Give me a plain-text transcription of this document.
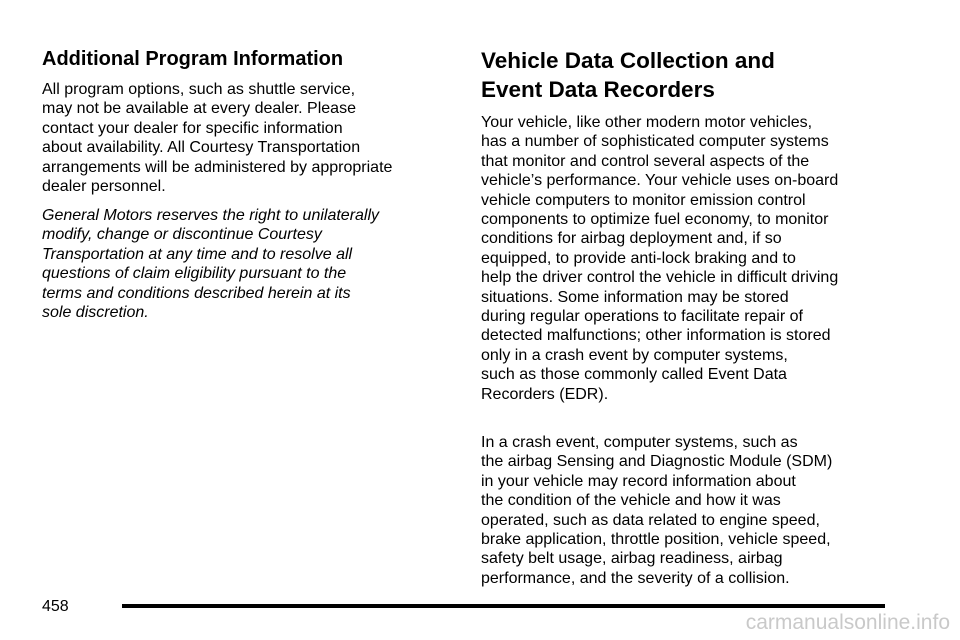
Additional Program Information

All program options, such as shuttle service,
may not be available at every dealer. Please
contact your dealer for specific information
about availability. All Courtesy Transportation
arrangements will be administered by appropriate
dealer personnel.

General Motors reserves the right to unilaterally
modify, change or discontinue Courtesy
Transportation at any time and to resolve all
questions of claim eligibility pursuant to the
terms and conditions described herein at its
sole discretion.

Vehicle Data Collection and
Event Data Recorders

Your vehicle, like other modern motor vehicles,
has a number of sophisticated computer systems
that monitor and control several aspects of the
vehicle’s performance. Your vehicle uses on-board
vehicle computers to monitor emission control
components to optimize fuel economy, to monitor
conditions for airbag deployment and, if so
equipped, to provide anti-lock braking and to
help the driver control the vehicle in difficult driving
situations. Some information may be stored
during regular operations to facilitate repair of
detected malfunctions; other information is stored
only in a crash event by computer systems,
such as those commonly called Event Data
Recorders (EDR).

In a crash event, computer systems, such as
the airbag Sensing and Diagnostic Module (SDM)
in your vehicle may record information about
the condition of the vehicle and how it was
operated, such as data related to engine speed,
brake application, throttle position, vehicle speed,
safety belt usage, airbag readiness, airbag
performance, and the severity of a collision.

458
carmanualsonline.info
